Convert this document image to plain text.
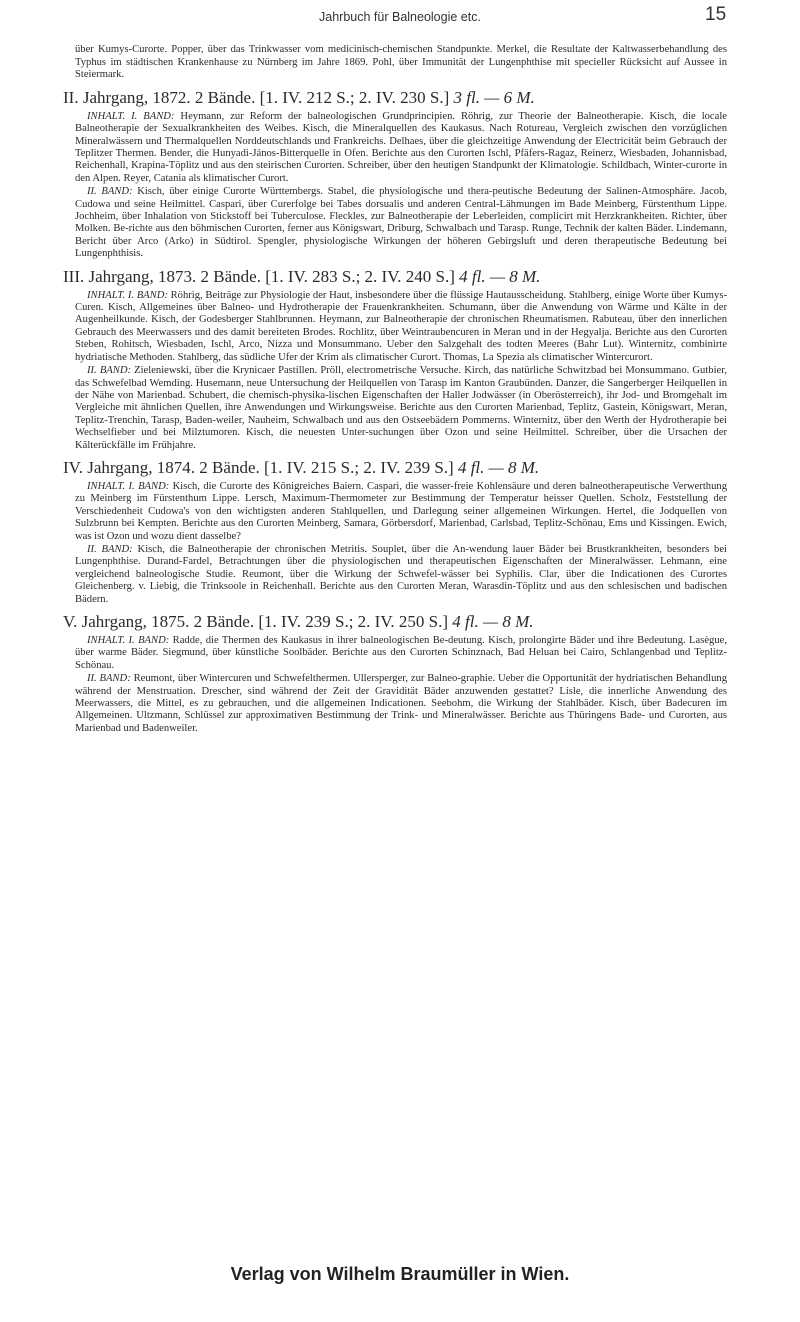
Jahrbuch für Balneologie etc.	15

über Kumys-Curorte. Popper, über das Trinkwasser vom medicinisch-chemischen Standpunkte. Merkel, die Resultate der Kaltwasserbehandlung des Typhus im städtischen Krankenhause zu Nürnberg im Jahre 1869. Pohl, über Immunität der Lungenphthise mit specieller Rücksicht auf Aussee in Steiermark.

II. Jahrgang, 1872. 2 Bände. [1. IV. 212 S.; 2. IV. 230 S.] 3 fl. — 6 M.

INHALT. I. BAND: Heymann, zur Reform der balneologischen Grundprincipien. Röhrig, zur Theorie der Balneotherapie. Kisch, die locale Balneotherapie der Sexualkrankheiten des Weibes. Kisch, die Mineralquellen des Kaukasus. Nach Rotureau, Vergleich zwischen den vorzüglichen Mineralwässern und Thermalquellen Norddeutschlands und Frankreichs. Delhaes, über die gleichzeitige Anwendung der Electricität beim Gebrauch der Teplitzer Thermen. Bender, die Hunyadi-János-Bitterquelle in Ofen. Berichte aus den Curorten Ischl, Pfäfers-Ragaz, Reinerz, Wiesbaden, Johannisbad, Reichenhall, Krapina-Töplitz und aus den steirischen Curorten. Schreiber, über den heutigen Standpunkt der Klimatologie. Schildbach, Winter-curorte in den Alpen. Reyer, Catania als klimatischer Curort.

II. BAND: Kisch, über einige Curorte Württembergs. Stabel, die physiologische und thera-peutische Bedeutung der Salinen-Atmosphäre. Jacob, Cudowa und seine Heilmittel. Caspari, über Curerfolge bei Tabes dorsualis und anderen Central-Lähmungen im Bade Meinberg, Fürstenthum Lippe. Jochheim, über Inhalation von Stickstoff bei Tuberculose. Fleckles, zur Balneotherapie der Leberleiden, complicirt mit Herzkrankheiten. Richter, über Molken. Be-richte aus den böhmischen Curorten, ferner aus Königswart, Driburg, Schwalbach und Tarasp. Runge, Technik der kalten Bäder. Lindemann, Bericht über Arco (Arko) in Südtirol. Spengler, physiologische Wirkungen der höheren Gebirgsluft und deren therapeutische Bedeutung bei Lungenphthisis.

III. Jahrgang, 1873. 2 Bände. [1. IV. 283 S.; 2. IV. 240 S.] 4 fl. — 8 M.

INHALT. I. BAND: Röhrig, Beiträge zur Physiologie der Haut, insbesondere über die flüssige Hautausscheidung. Stahlberg, einige Worte über Kumys-Curen. Kisch, Allgemeines über Balneo- und Hydrotherapie der Frauenkrankheiten. Schumann, über die Anwendung von Wärme und Kälte in der Augenheilkunde. Kisch, der Godesberger Stahlbrunnen. Heymann, zur Balneotherapie der chronischen Rheumatismen. Rabuteau, über den innerlichen Gebrauch des Meerwassers und des damit bereiteten Brodes. Rochlitz, über Weintraubencuren in Meran und in der Hegyalja. Berichte aus den Curorten Steben, Rohitsch, Wiesbaden, Ischl, Arco, Nizza und Monsummano. Ueber den Salzgehalt des todten Meeres (Bahr Lut). Winternitz, combinirte hydriatische Methoden. Stahlberg, das südliche Ufer der Krim als climatischer Curort. Thomas, La Spezia als climatischer Wintercurort.

II. BAND: Zieleniewski, über die Krynicaer Pastillen. Pröll, electrometrische Versuche. Kirch, das natürliche Schwitzbad bei Monsummano. Gutbier, das Schwefelbad Wemding. Husemann, neue Untersuchung der Heilquellen von Tarasp im Kanton Graubünden. Danzer, die Sangerberger Heilquellen in der Nähe von Marienbad. Schubert, die chemisch-physika-lischen Eigenschaften der Haller Jodwässer (in Oberösterreich), ihr Jod- und Bromgehalt im Vergleiche mit ähnlichen Quellen, ihre Anwendungen und Wirkungsweise. Berichte aus den Curorten Marienbad, Teplitz, Gastein, Königswart, Meran, Teplitz-Trenchin, Tarasp, Baden-weiler, Nauheim, Schwalbach und aus den Ostseebädern Pommerns. Winternitz, über den Werth der Hydrotherapie bei Wechselfieber und bei Milztumoren. Kisch, die neuesten Unter-suchungen über Ozon und seine Heilmittel. Schreiber, über die Ursachen der Kälterückfälle im Frühjahre.

IV. Jahrgang, 1874. 2 Bände. [1. IV. 215 S.; 2. IV. 239 S.] 4 fl. — 8 M.

INHALT. I. BAND: Kisch, die Curorte des Königreiches Baiern. Caspari, die wasser-freie Kohlensäure und deren balneotherapeutische Verwerthung zu Meinberg im Fürstenthum Lippe. Lersch, Maximum-Thermometer zur Bestimmung der Temperatur heisser Quellen. Scholz, Feststellung der Verschiedenheit Cudowa's von den wichtigsten anderen Stahlquellen, und Darlegung seiner allgemeinen Wirkungen. Hertel, die Jodquellen von Sulzbrunn bei Kempten. Berichte aus den Curorten Meinberg, Samara, Görbersdorf, Marienbad, Carlsbad, Teplitz-Schönau, Ems und Kissingen. Ewich, was ist Ozon und wozu dient dasselbe?

II. BAND: Kisch, die Balneotherapie der chronischen Metritis. Souplet, über die An-wendung lauer Bäder bei Brustkrankheiten, besonders bei Lungenphthise. Durand-Fardel, Betrachtungen über die physiologischen und therapeutischen Eigenschaften der Mineralwässer. Lehmann, eine vergleichend balneologische Studie. Reumont, über die Wirkung der Schwefel-wässer bei Syphilis. Clar, über die Indicationen des Curortes Gleichenberg. v. Liebig, die Trinksoole in Reichenhall. Berichte aus den Curorten Meran, Warasdin-Töplitz und aus den schlesischen und badischen Bädern.

V. Jahrgang, 1875. 2 Bände. [1. IV. 239 S.; 2. IV. 250 S.] 4 fl. — 8 M.

INHALT. I. BAND: Radde, die Thermen des Kaukasus in ihrer balneologischen Be-deutung. Kisch, prolongirte Bäder und ihre Bedeutung. Lasègue, über warme Bäder. Siegmund, über künstliche Soolbäder. Berichte aus den Curorten Schinznach, Bad Heluan bei Cairo, Schlangenbad und Teplitz-Schönau.

II. BAND: Reumont, über Wintercuren und Schwefelthermen. Ullersperger, zur Balneo-graphie. Ueber die Opportunität der hydriatischen Behandlung während der Menstruation. Drescher, sind während der Zeit der Gravidität Bäder anzuwenden gestattet? Lisle, die innerliche Anwendung des Meerwassers, die Mittel, es zu gebrauchen, und die allgemeinen Indicationen. Seebohm, die Wirkung der Stahlbäder. Kisch, über Badecuren im Allgemeinen. Ultzmann, Schlüssel zur approximativen Bestimmung der Trink- und Mineralwässer. Berichte aus Thüringens Bade- und Curorten, aus Marienbad und Badenweiler.

Verlag von Wilhelm Braumüller in Wien.
